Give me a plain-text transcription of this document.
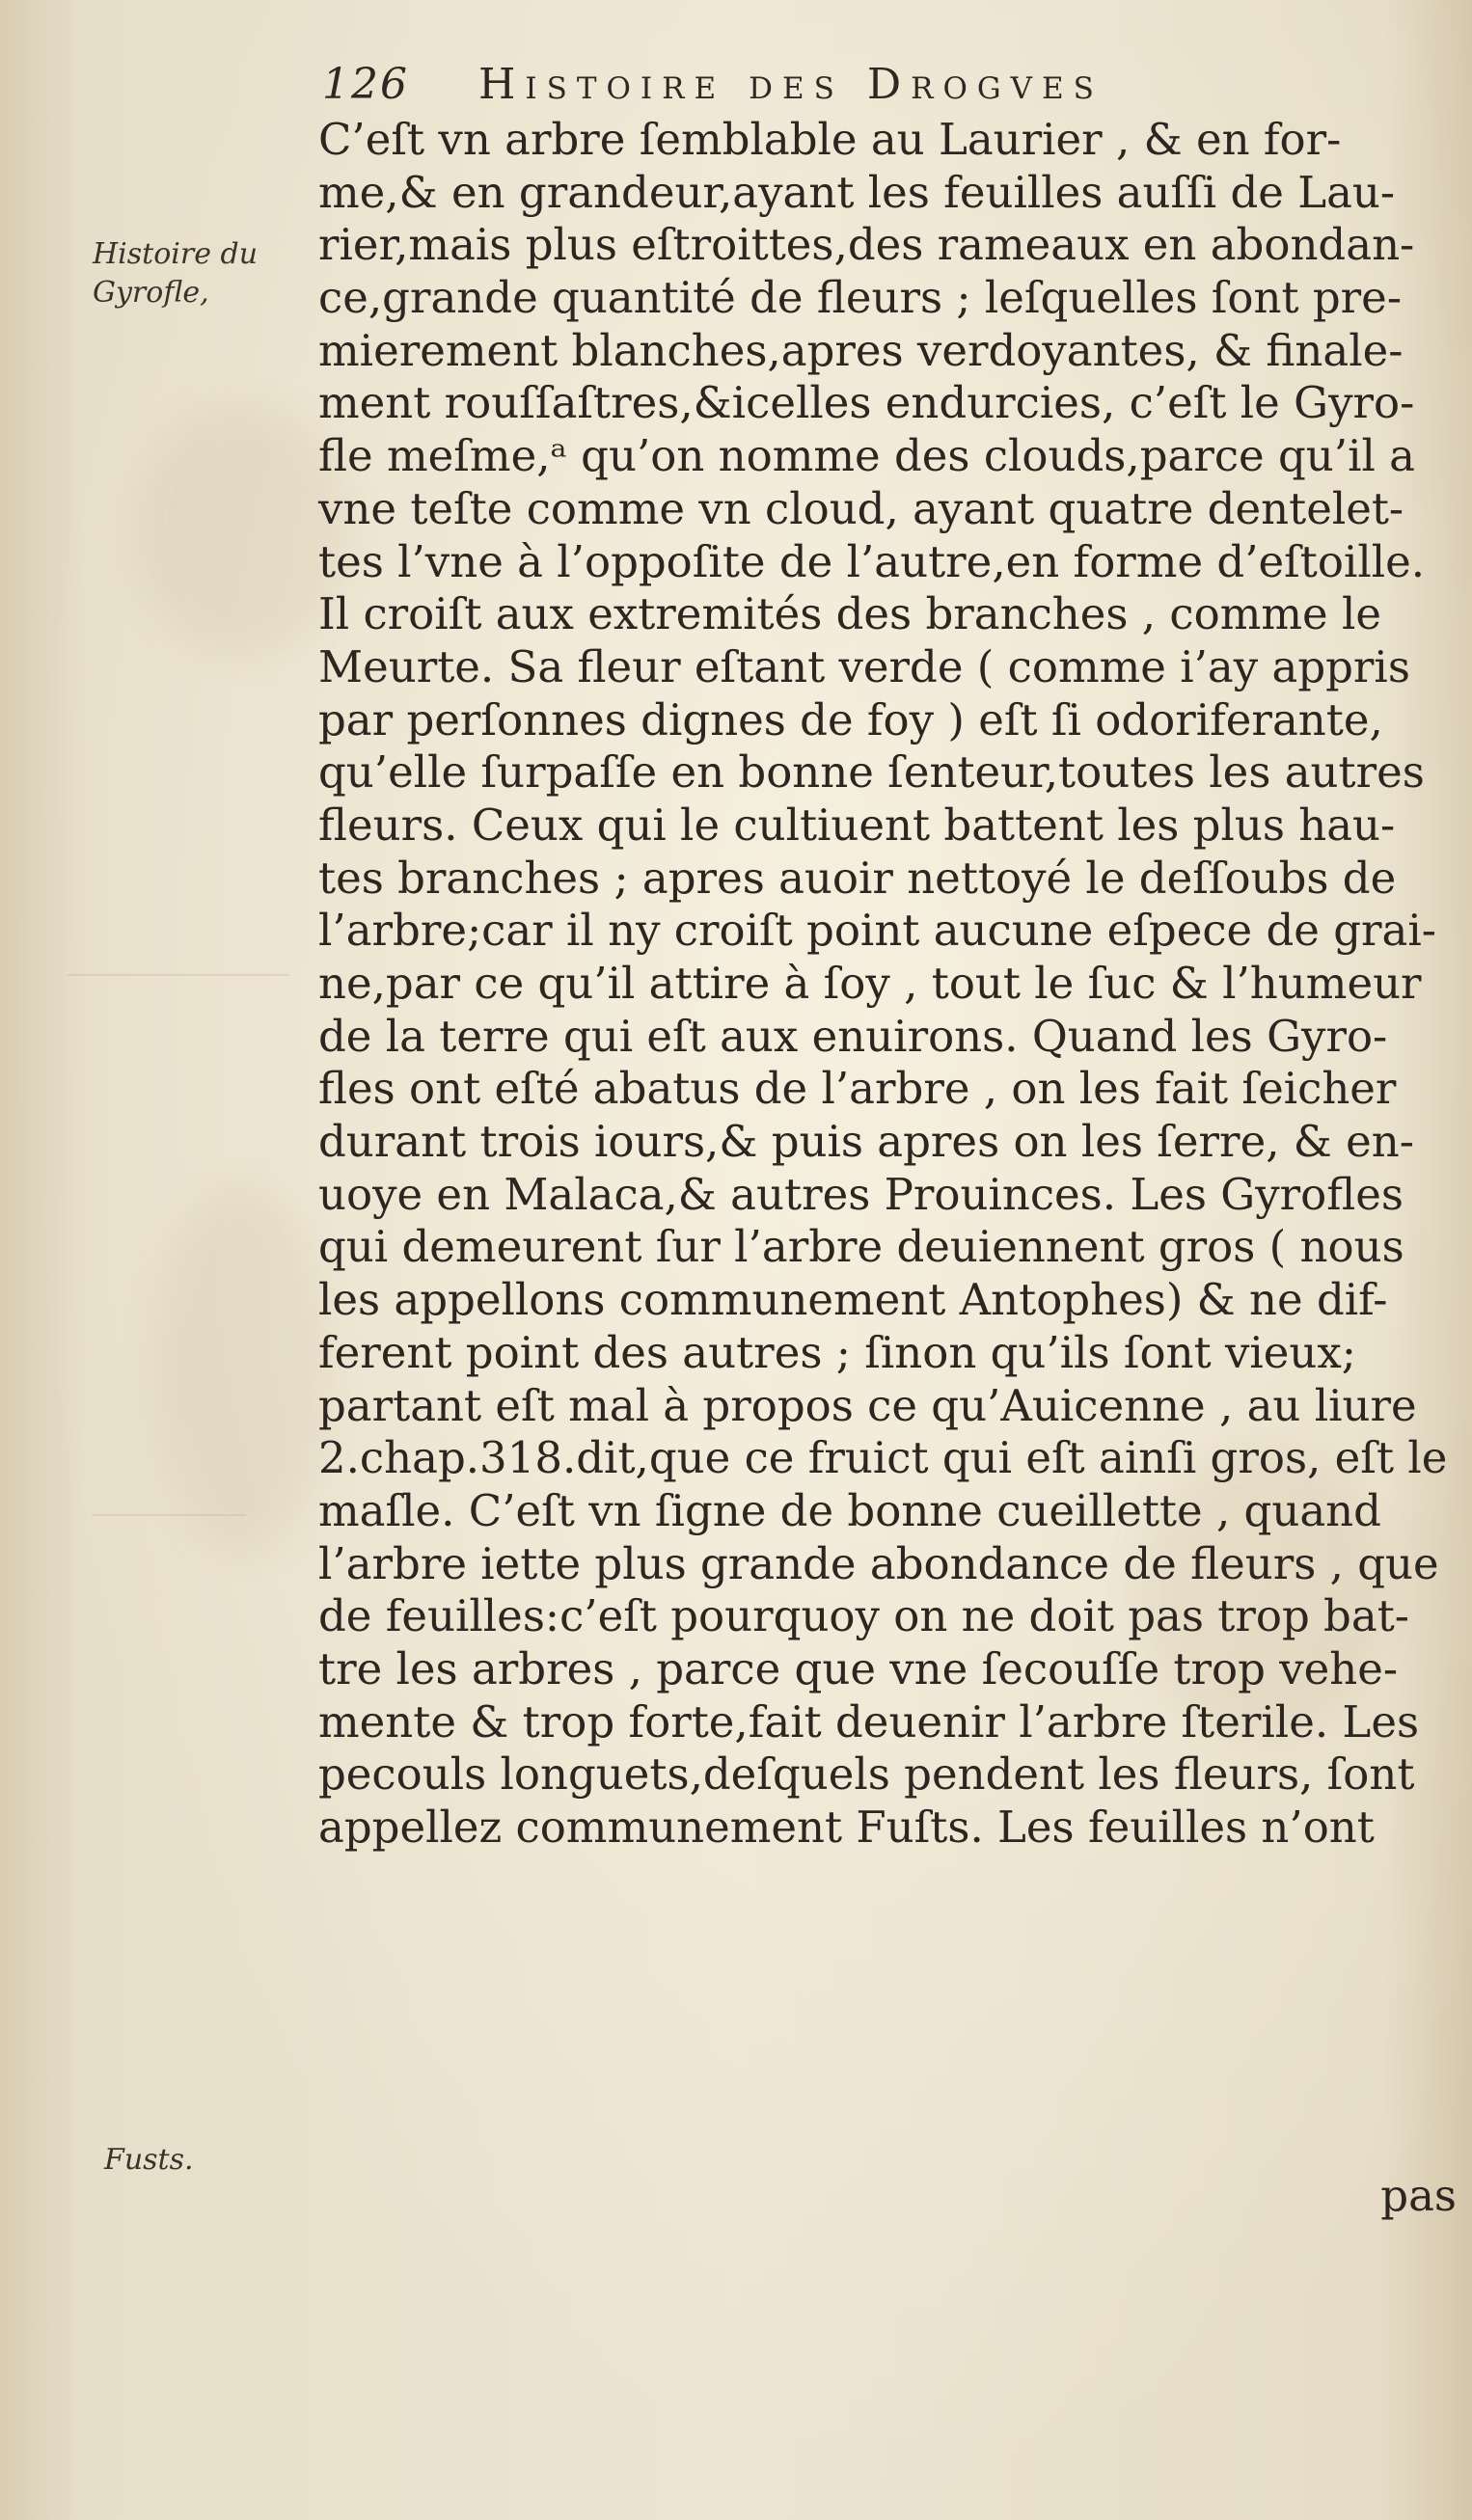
126 Histoire des Drogves
Histoire du
Gyrofle,
Fusts.
C’eſt vn arbre ſemblable au Laurier , & en for-
me,& en grandeur,ayant les feuilles auſſi de Lau-
rier,mais plus eſtroittes,des rameaux en abondan-
ce,grande quantité de fleurs ; leſquelles ſont pre-
mierement blanches,apres verdoyantes, & finale-
ment rouſſaſtres,&icelles endurcies, c’eſt le Gyro-
fle meſme,ᵃ qu’on nomme des clouds,parce qu’il a
vne teſte comme vn cloud, ayant quatre dentelet-
tes l’vne à l’oppoſite de l’autre,en forme d’eſtoille.
Il croiſt aux extremités des branches , comme le
Meurte. Sa fleur eſtant verde ( comme i’ay appris
par perſonnes dignes de foy ) eſt ſi odoriferante,
qu’elle ſurpaſſe en bonne ſenteur,toutes les autres
fleurs. Ceux qui le cultiuent battent les plus hau-
tes branches ; apres auoir nettoyé le deſſoubs de
l’arbre;car il ny croiſt point aucune eſpece de grai-
ne,par ce qu’il attire à ſoy , tout le ſuc & l’humeur
de la terre qui eſt aux enuirons. Quand les Gyro-
fles ont eſté abatus de l’arbre , on les fait ſeicher
durant trois iours,& puis apres on les ſerre, & en-
uoye en Malaca,& autres Prouinces. Les Gyrofles
qui demeurent ſur l’arbre deuiennent gros ( nous
les appellons communement Antophes) & ne dif-
ferent point des autres ; ſinon qu’ils ſont vieux;
partant eſt mal à propos ce qu’Auicenne , au liure
2.chap.318.dit,que ce fruict qui eſt ainſi gros, eſt le
maſle. C’eſt vn ſigne de bonne cueillette , quand
l’arbre iette plus grande abondance de fleurs , que
de feuilles:c’eſt pourquoy on ne doit pas trop bat-
tre les arbres , parce que vne ſecouſſe trop vehe-
mente & trop forte,fait deuenir l’arbre ſterile. Les
pecouls longuets,deſquels pendent les fleurs, ſont
appellez communement Fuſts. Les feuilles n’ont
pas
